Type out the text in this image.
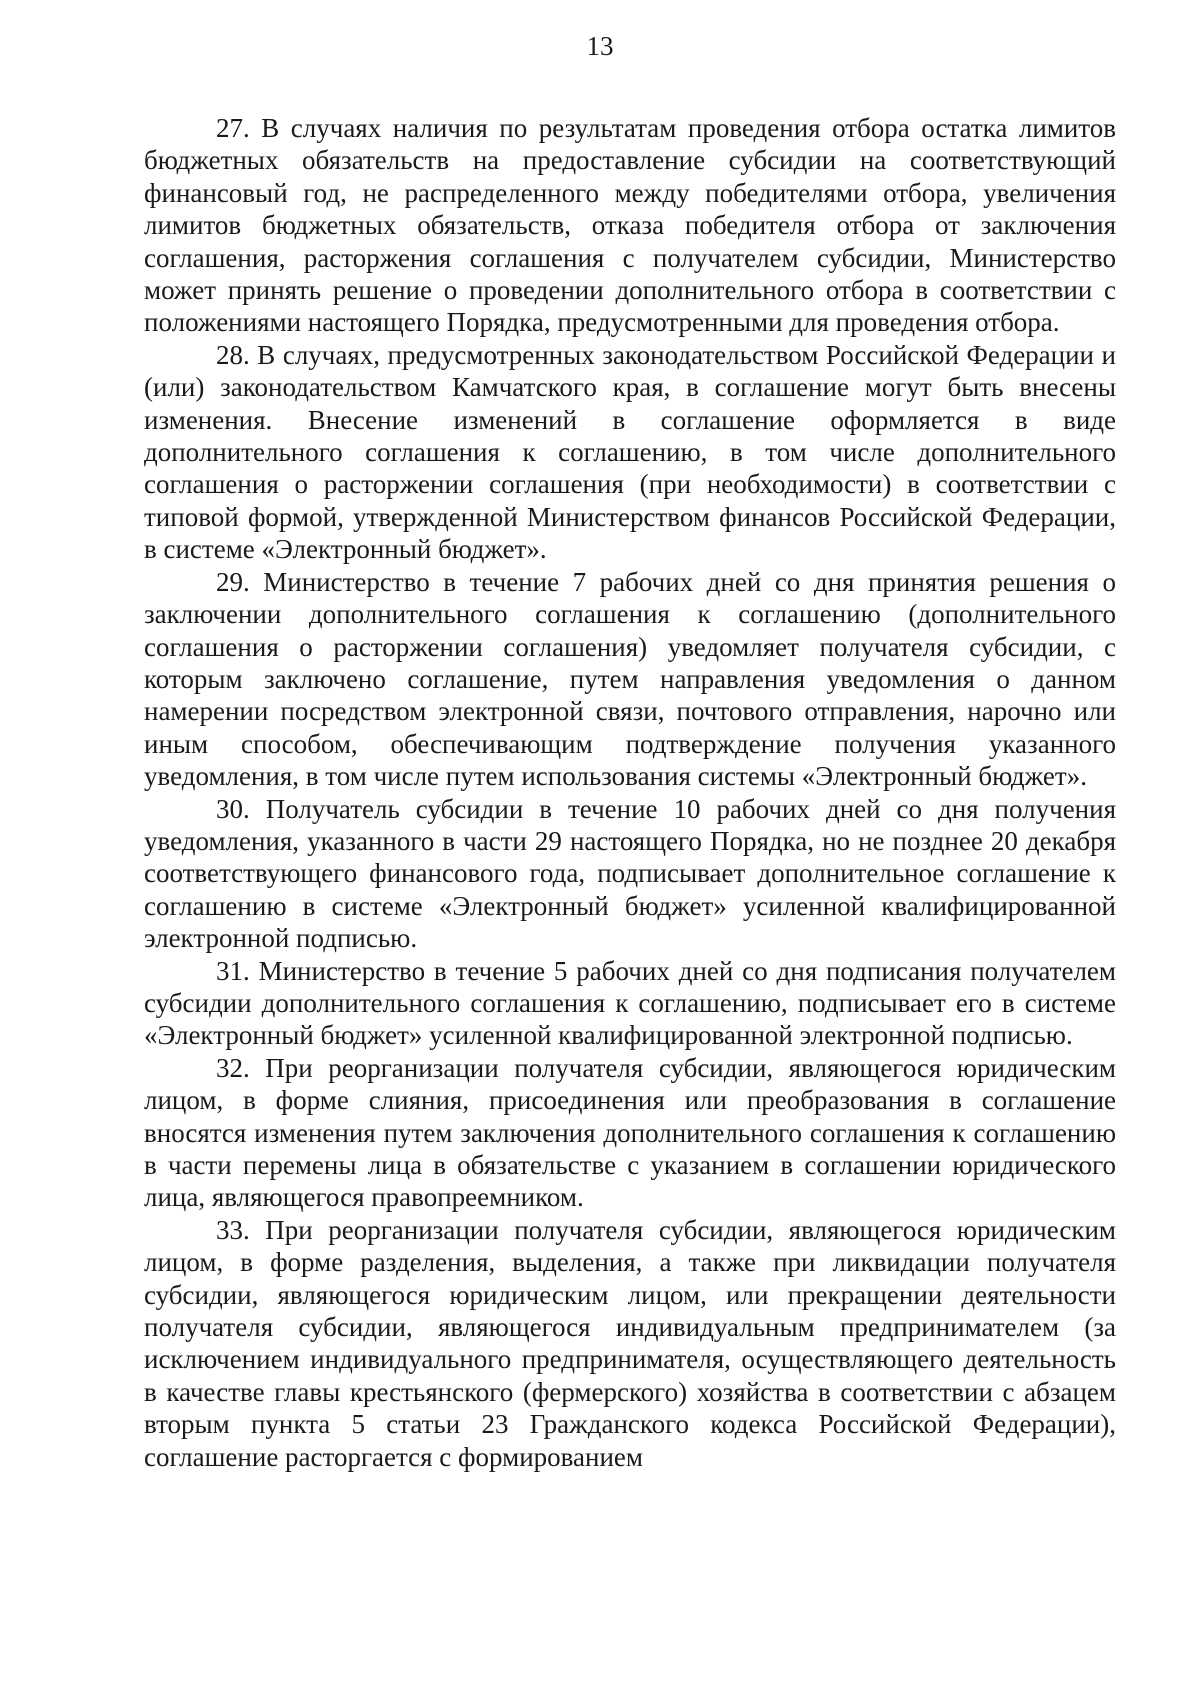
13

27. В случаях наличия по результатам проведения отбора остатка лимитов бюджетных обязательств на предоставление субсидии на соответствующий финансовый год, не распределенного между победителями отбора, увеличения лимитов бюджетных обязательств, отказа победителя отбора от заключения соглашения, расторжения соглашения с получателем субсидии, Министерство может принять решение о проведении дополнительного отбора в соответствии с положениями настоящего Порядка, предусмотренными для проведения отбора.

28. В случаях, предусмотренных законодательством Российской Федерации и (или) законодательством Камчатского края, в соглашение могут быть внесены изменения. Внесение изменений в соглашение оформляется в виде дополнительного соглашения к соглашению, в том числе дополнительного соглашения о расторжении соглашения (при необходимости) в соответствии с типовой формой, утвержденной Министерством финансов Российской Федерации, в системе «Электронный бюджет».

29. Министерство в течение 7 рабочих дней со дня принятия решения о заключении дополнительного соглашения к соглашению (дополнительного соглашения о расторжении соглашения) уведомляет получателя субсидии, с которым заключено соглашение, путем направления уведомления о данном намерении посредством электронной связи, почтового отправления, нарочно или иным способом, обеспечивающим подтверждение получения указанного уведомления, в том числе путем использования системы «Электронный бюджет».

30. Получатель субсидии в течение 10 рабочих дней со дня получения уведомления, указанного в части 29 настоящего Порядка, но не позднее 20 декабря соответствующего финансового года, подписывает дополнительное соглашение к соглашению в системе «Электронный бюджет» усиленной квалифицированной электронной подписью.

31. Министерство в течение 5 рабочих дней со дня подписания получателем субсидии дополнительного соглашения к соглашению, подписывает его в системе «Электронный бюджет» усиленной квалифицированной электронной подписью.

32. При реорганизации получателя субсидии, являющегося юридическим лицом, в форме слияния, присоединения или преобразования в соглашение вносятся изменения путем заключения дополнительного соглашения к соглашению в части перемены лица в обязательстве с указанием в соглашении юридического лица, являющегося правопреемником.

33. При реорганизации получателя субсидии, являющегося юридическим лицом, в форме разделения, выделения, а также при ликвидации получателя субсидии, являющегося юридическим лицом, или прекращении деятельности получателя субсидии, являющегося индивидуальным предпринимателем (за исключением индивидуального предпринимателя, осуществляющего деятельность в качестве главы крестьянского (фермерского) хозяйства в соответствии с абзацем вторым пункта 5 статьи 23 Гражданского кодекса Российской Федерации), соглашение расторгается с формированием
